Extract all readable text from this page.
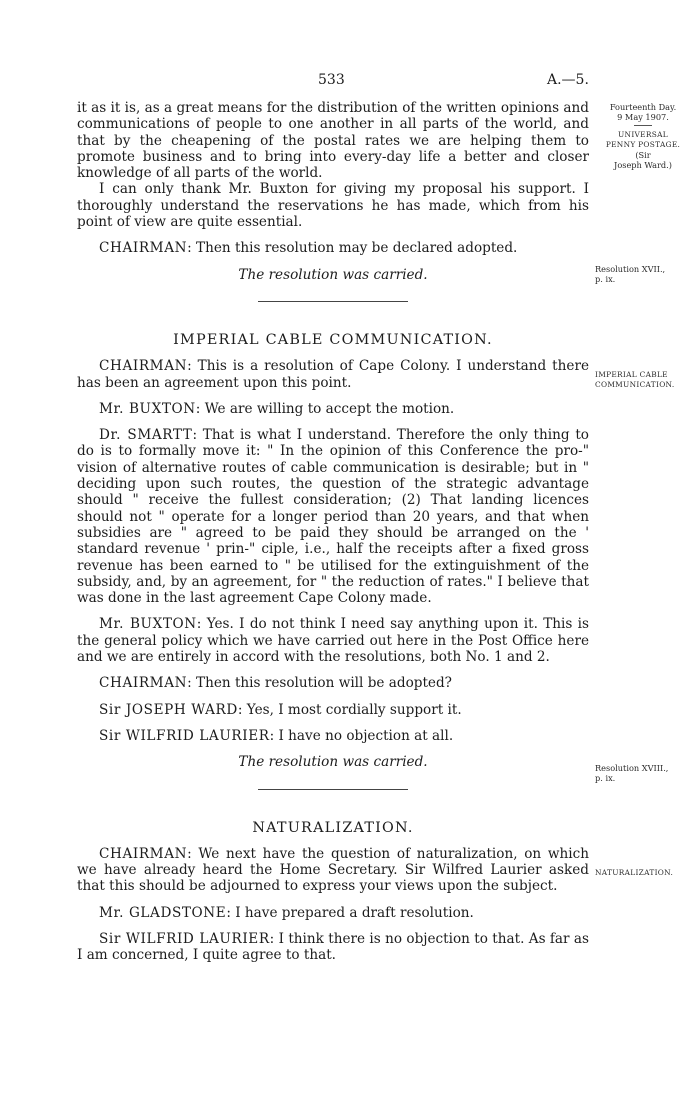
533	A.—5.

it as it is, as a great means for the distribution of the written opinions and communications of people to one another in all parts of the world, and that by the cheapening of the postal rates we are helping them to promote business and to bring into every-day life a better and closer knowledge of all parts of the world.

I can only thank Mr. Buxton for giving my proposal his support. I thoroughly understand the reservations he has made, which from his point of view are quite essential.

CHAIRMAN: Then this resolution may be declared adopted.

The resolution was carried.

IMPERIAL CABLE COMMUNICATION.

CHAIRMAN: This is a resolution of Cape Colony. I understand there has been an agreement upon this point.

Mr. BUXTON: We are willing to accept the motion.

Dr. SMARTT: That is what I understand. Therefore the only thing to do is to formally move it: " In the opinion of this Conference the pro-" vision of alternative routes of cable communication is desirable; but in " deciding upon such routes, the question of the strategic advantage should " receive the fullest consideration; (2) That landing licences should not " operate for a longer period than 20 years, and that when subsidies are " agreed to be paid they should be arranged on the ' standard revenue ' prin-" ciple, i.e., half the receipts after a fixed gross revenue has been earned to " be utilised for the extinguishment of the subsidy, and, by an agreement, for " the reduction of rates." I believe that was done in the last agreement Cape Colony made.

Mr. BUXTON: Yes. I do not think I need say anything upon it. This is the general policy which we have carried out here in the Post Office here and we are entirely in accord with the resolutions, both No. 1 and 2.

CHAIRMAN: Then this resolution will be adopted?

Sir JOSEPH WARD: Yes, I most cordially support it.

Sir WILFRID LAURIER: I have no objection at all.

The resolution was carried.

NATURALIZATION.

CHAIRMAN: We next have the question of naturalization, on which we have already heard the Home Secretary. Sir Wilfred Laurier asked that this should be adjourned to express your views upon the subject.

Mr. GLADSTONE: I have prepared a draft resolution.

Sir WILFRID LAURIER: I think there is no objection to that. As far as I am concerned, I quite agree to that.

Fourteenth Day.
9 May 1907.
UNIVERSAL
PENNY POSTAGE.
(Sir
Joseph Ward.)
Resolution XVII.,
p. ix.
IMPERIAL CABLE
COMMUNICATION.
Resolution XVIII.,
p. ix.
NATURALIZATION.
